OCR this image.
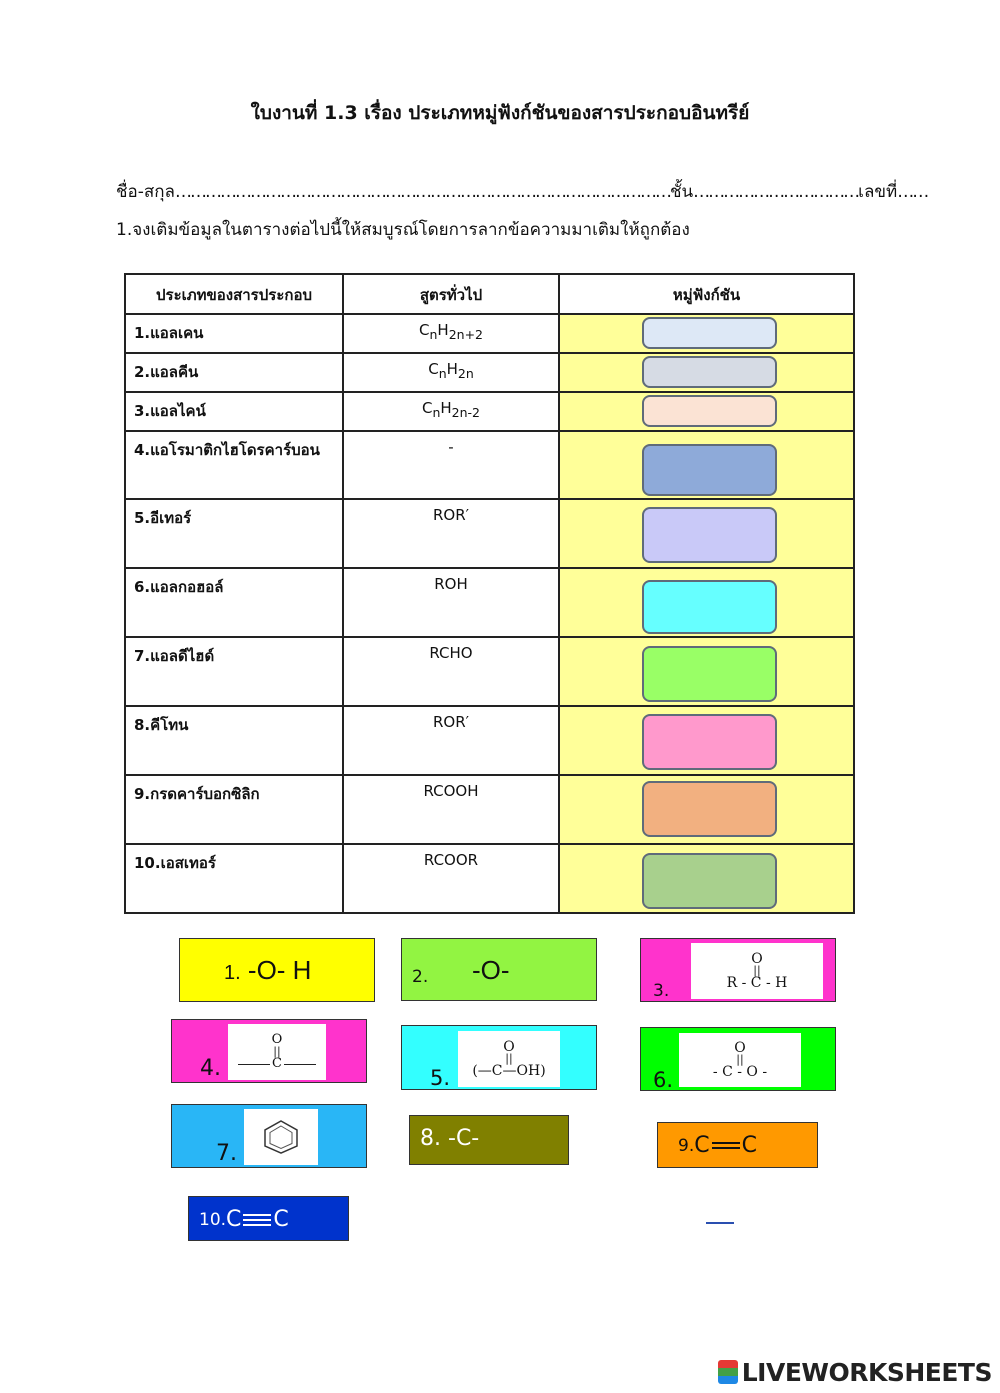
ใบงานที่ 1.3 เรื่อง ประเภทหมู่ฟังก์ชันของสารประกอบอินทรีย์
ชื่อ-สกุล………………………………………………………………………………………ชั้น……………………………เลขที่……
1.จงเติมข้อมูลในตารางต่อไปนี้ให้สมบูรณ์โดยการลากข้อความมาเติมให้ถูกต้อง
ประเภทของสารประกอบ	สูตรทั่วไป	หมู่ฟังก์ชัน
1.แอลเคน	$C_nH_{2n+2}$	

2.แอลคีน	$C_nH_{2n}$	

3.แอลไคน์	$C_nH_{2n-2}$	

4.แอโรมาติกไฮโดรคาร์บอน	-	

5.อีเทอร์	ROR′	

6.แอลกอฮอล์	ROH	

7.แอลดีไฮด์	RCHO	

8.คีโทน	ROR′	

9.กรดคาร์บอกซิลิก	RCOOH	

10.เอสเทอร์	RCOOR	
1. -O- H	2. -O-
3.
O
||
R - C - H
4.
O
||
C
5.
O
||
(—C—OH)	6.
O
||
- C - O -
7.
8. -C-	9. C C
10. C C
LIVEWORKSHEETS
